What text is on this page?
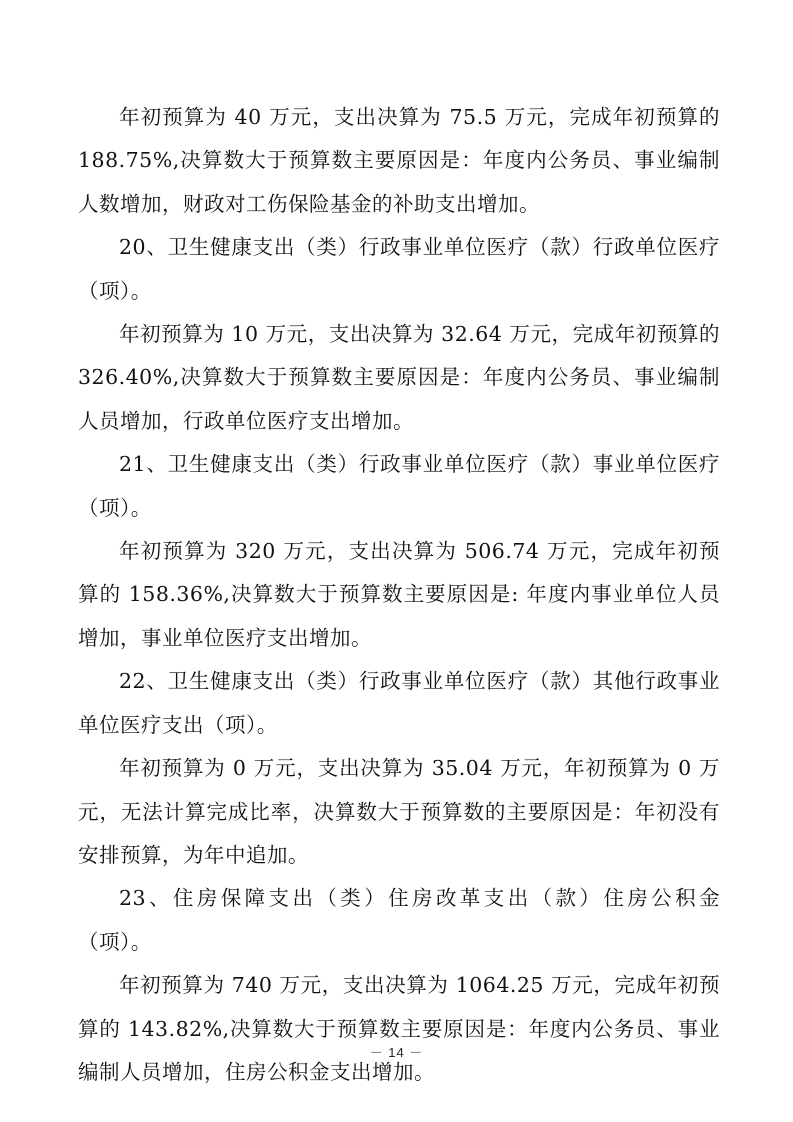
年初预算为 40 万元，支出决算为 75.5 万元，完成年初预算的 188.75%,决算数大于预算数主要原因是：年度内公务员、事业编制人数增加，财政对工伤保险基金的补助支出增加。

20、卫生健康支出（类）行政事业单位医疗（款）行政单位医疗（项）。

年初预算为 10 万元，支出决算为 32.64 万元，完成年初预算的 326.40%,决算数大于预算数主要原因是：年度内公务员、事业编制人员增加，行政单位医疗支出增加。

21、卫生健康支出（类）行政事业单位医疗（款）事业单位医疗（项）。

年初预算为 320 万元，支出决算为 506.74 万元，完成年初预算的 158.36%,决算数大于预算数主要原因是: 年度内事业单位人员增加，事业单位医疗支出增加。

22、卫生健康支出（类）行政事业单位医疗（款）其他行政事业单位医疗支出（项）。

年初预算为 0 万元，支出决算为 35.04 万元，年初预算为 0 万元，无法计算完成比率，决算数大于预算数的主要原因是：年初没有安排预算，为年中追加。

23、住房保障支出（类）住房改革支出（款）住房公积金（项）。

年初预算为 740 万元，支出决算为 1064.25 万元，完成年初预算的 143.82%,决算数大于预算数主要原因是：年度内公务员、事业编制人员增加，住房公积金支出增加。

－ 14 －
